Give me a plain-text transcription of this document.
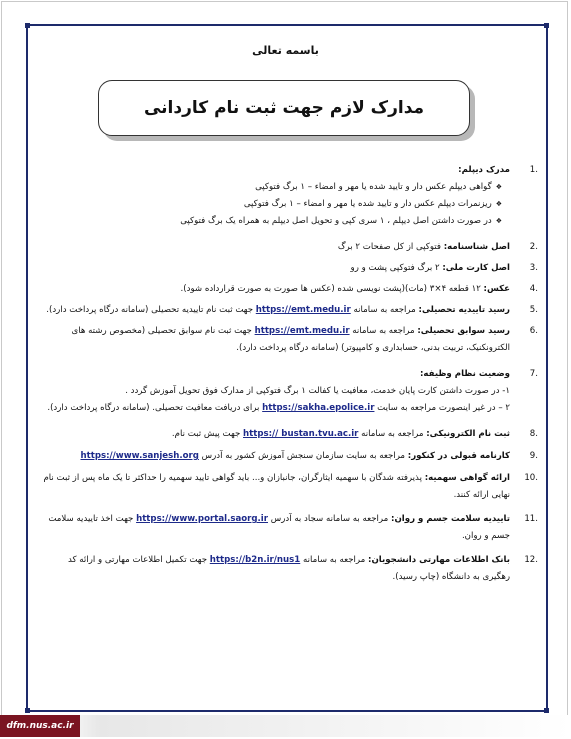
باسمه تعالی
مدارک لازم جهت ثبت نام کاردانی
.1
مدرک دیپلم:
❖ گواهی دیپلم عکس دار و تایید شده یا مهر و امضاء – ۱ برگ فتوکپی
❖ ریزنمرات دیپلم عکس دار و تایید شده یا مهر و امضاء – ۱ برگ فتوکپی
❖ در صورت داشتن اصل دیپلم ، ۱ سری کپی و تحویل اصل دیپلم به همراه یک برگ فتوکپی
.2
اصل شناسنامه: فتوکپی از کل صفحات ۲ برگ
.3
اصل کارت ملی: ۲ برگ فتوکپی پشت و رو
.4
عکس: ۱۲ قطعه ۴×۳ (مات)(پشت نویسی شده (عکس ها صورت به صورت قرارداده شود).
.5
رسید تاییدیه تحصیلی: مراجعه به سامانه https://emt.medu.ir جهت ثبت نام تاییدیه تحصیلی (سامانه درگاه پرداخت دارد).
.6
رسید سوابق تحصیلی: مراجعه به سامانه https://emt.medu.ir جهت ثبت نام سوابق تحصیلی (مخصوص رشته های الکترونکنیک، تربیت بدنی، حسابداری و کامپیوتر) (سامانه درگاه پرداخت دارد).
.7
وضعیت نظام وظیفه:
۱- در صورت داشتن کارت پایان خدمت، معافیت یا کفالت ۱ برگ فتوکپی از مدارک فوق تحویل آموزش گردد .
۲ – در غیر اینصورت مراجعه به سایت https://sakha.epolice.ir برای دریافت معافیت تحصیلی. (سامانه درگاه پرداخت دارد).
.8
ثبت نام الکترونیکی: مراجعه به سامانه https:// bustan.tvu.ac.ir جهت پیش ثبت نام.
.9
کارنامه قبولی در کنکور: مراجعه به سایت سازمان سنجش آموزش کشور به آدرس https://www.sanjesh.org
.10
ارائه گواهی سهمیه: پذیرفته شدگان با سهمیه ایثارگران، جانبازان و... باید گواهی تایید سهمیه را حداکثر تا یک ماه پس از ثبت نام نهایی ارائه کنند.
.11
تاییدیه سلامت جسم و روان: مراجعه به سامانه سجاد به آدرس https://www.portal.saorg.ir جهت اخذ تاییدیه سلامت جسم و روان.
.12
بانک اطلاعات مهارتی دانشجویان: مراجعه به سامانه https://b2n.ir/nus1 جهت تکمیل اطلاعات مهارتی و ارائه کد رهگیری به دانشگاه (چاپ رسید).
dfm.nus.ac.ir
